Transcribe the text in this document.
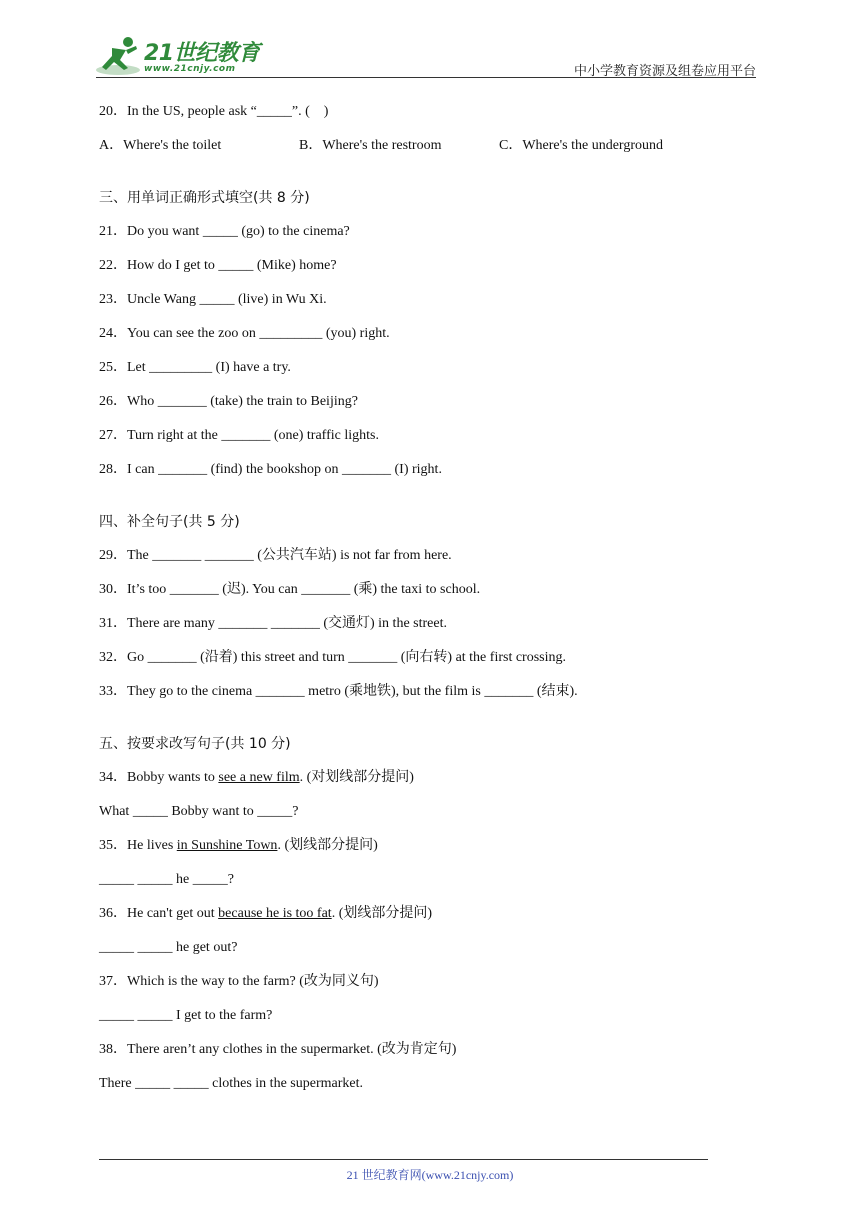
21世纪教育
www.21cnjy.com	中小学教育资源及组卷应用平台
20．In the US, people ask “_____”. (　)
A．Where's the toilet	B．Where's the restroom	C．Where's the underground
三、用单词正确形式填空(共 8 分)
21．Do you want _____ (go) to the cinema?
22．How do I get to _____ (Mike) home?
23．Uncle Wang _____ (live) in Wu Xi.
24．You can see the zoo on _________ (you) right.
25．Let _________ (I) have a try.
26．Who _______ (take) the train to Beijing?
27．Turn right at the _______ (one) traffic lights.
28．I can _______ (find) the bookshop on _______ (I) right.
四、补全句子(共 5 分)
29．The _______ _______ (公共汽车站) is not far from here.
30．It’s too _______ (迟). You can _______ (乘) the taxi to school.
31．There are many _______ _______ (交通灯) in the street.
32．Go _______ (沿着) this street and turn _______ (向右转) at the first crossing.
33．They go to the cinema _______ metro (乘地铁), but the film is _______ (结束).
五、按要求改写句子(共 10 分)
34．Bobby wants to see a new film. (对划线部分提问)
What _____ Bobby want to _____?
35．He lives in Sunshine Town. (划线部分提问)
_____ _____ he _____?
36．He can't get out because he is too fat. (划线部分提问)
_____ _____ he get out?
37．Which is the way to the farm? (改为同义句)
_____ _____ I get to the farm?
38．There aren’t any clothes in the supermarket. (改为肯定句)
There _____ _____ clothes in the supermarket.
21 世纪教育网(www.21cnjy.com)
